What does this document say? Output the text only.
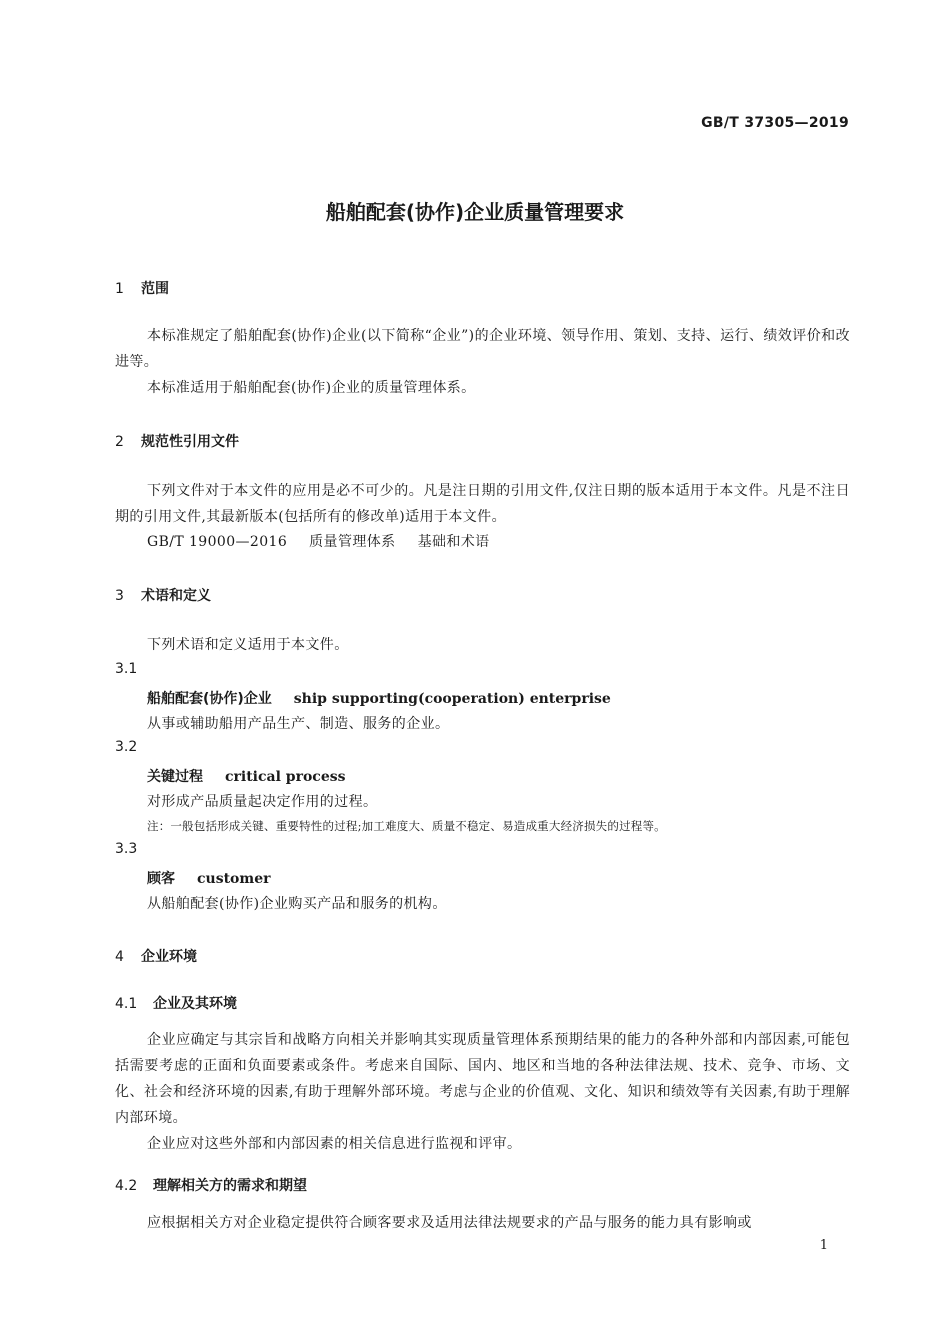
GB/T 37305—2019
船舶配套(协作)企业质量管理要求
1 范围
本标准规定了船舶配套(协作)企业(以下简称“企业”)的企业环境、领导作用、策划、支持、运行、绩效评价和改进等。
本标准适用于船舶配套(协作)企业的质量管理体系。
2 规范性引用文件
下列文件对于本文件的应用是必不可少的。凡是注日期的引用文件,仅注日期的版本适用于本文件。凡是不注日期的引用文件,其最新版本(包括所有的修改单)适用于本文件。
GB/T 19000—2016 质量管理体系 基础和术语
3 术语和定义
下列术语和定义适用于本文件。
3.1
船舶配套(协作)企业 ship supporting(cooperation) enterprise
从事或辅助船用产品生产、制造、服务的企业。
3.2
关键过程 critical process
对形成产品质量起决定作用的过程。
注：一般包括形成关键、重要特性的过程;加工难度大、质量不稳定、易造成重大经济损失的过程等。
3.3
顾客 customer
从船舶配套(协作)企业购买产品和服务的机构。
4 企业环境
4.1 企业及其环境
企业应确定与其宗旨和战略方向相关并影响其实现质量管理体系预期结果的能力的各种外部和内部因素,可能包括需要考虑的正面和负面要素或条件。考虑来自国际、国内、地区和当地的各种法律法规、技术、竞争、市场、文化、社会和经济环境的因素,有助于理解外部环境。考虑与企业的价值观、文化、知识和绩效等有关因素,有助于理解内部环境。
企业应对这些外部和内部因素的相关信息进行监视和评审。
4.2 理解相关方的需求和期望
应根据相关方对企业稳定提供符合顾客要求及适用法律法规要求的产品与服务的能力具有影响或
1
